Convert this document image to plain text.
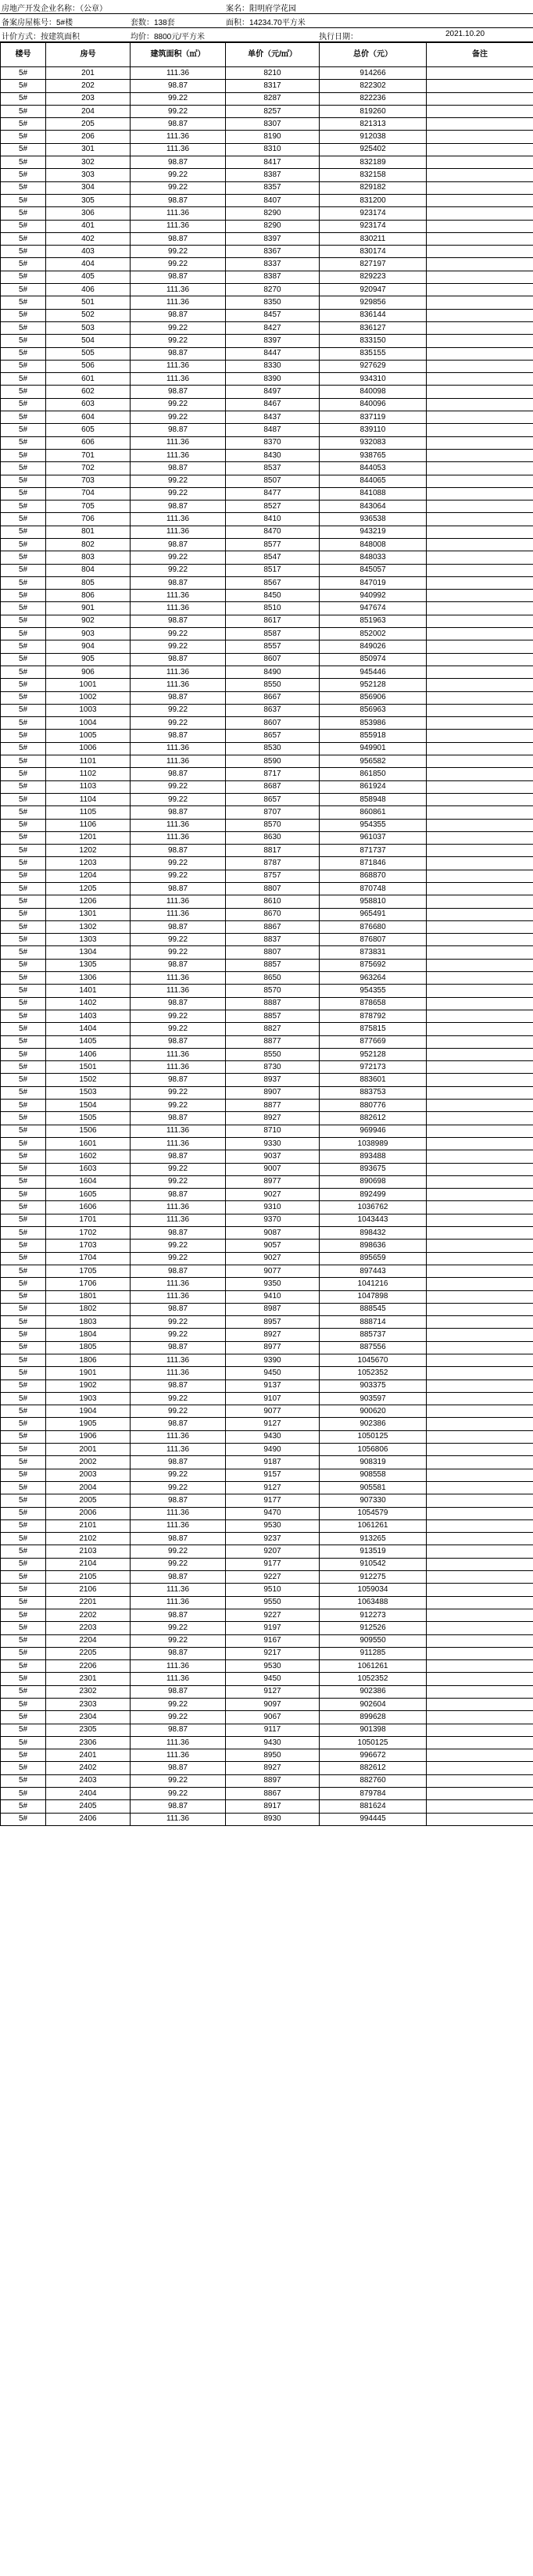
房地产开发企业名称：（公章）	案名：阳明府学花园
备案房屋栋号：5#楼	套数：138套	面积：14234.70平方米
计价方式：按建筑面积	均价：8800元/平方米	执行日期：	2021.10.20
楼号	房号	建筑面积（㎡）	单价（元/㎡）	总价（元）	备注
5#	201	111.36	8210	914266	
5#	202	98.87	8317	822302	
5#	203	99.22	8287	822236	
5#	204	99.22	8257	819260	
5#	205	98.87	8307	821313	
5#	206	111.36	8190	912038	
5#	301	111.36	8310	925402	
5#	302	98.87	8417	832189	
5#	303	99.22	8387	832158	
5#	304	99.22	8357	829182	
5#	305	98.87	8407	831200	
5#	306	111.36	8290	923174	
5#	401	111.36	8290	923174	
5#	402	98.87	8397	830211	
5#	403	99.22	8367	830174	
5#	404	99.22	8337	827197	
5#	405	98.87	8387	829223	
5#	406	111.36	8270	920947	
5#	501	111.36	8350	929856	
5#	502	98.87	8457	836144	
5#	503	99.22	8427	836127	
5#	504	99.22	8397	833150	
5#	505	98.87	8447	835155	
5#	506	111.36	8330	927629	
5#	601	111.36	8390	934310	
5#	602	98.87	8497	840098	
5#	603	99.22	8467	840096	
5#	604	99.22	8437	837119	
5#	605	98.87	8487	839110	
5#	606	111.36	8370	932083	
5#	701	111.36	8430	938765	
5#	702	98.87	8537	844053	
5#	703	99.22	8507	844065	
5#	704	99.22	8477	841088	
5#	705	98.87	8527	843064	
5#	706	111.36	8410	936538	
5#	801	111.36	8470	943219	
5#	802	98.87	8577	848008	
5#	803	99.22	8547	848033	
5#	804	99.22	8517	845057	
5#	805	98.87	8567	847019	
5#	806	111.36	8450	940992	
5#	901	111.36	8510	947674	
5#	902	98.87	8617	851963	
5#	903	99.22	8587	852002	
5#	904	99.22	8557	849026	
5#	905	98.87	8607	850974	
5#	906	111.36	8490	945446	
5#	1001	111.36	8550	952128	
5#	1002	98.87	8667	856906	
5#	1003	99.22	8637	856963	
5#	1004	99.22	8607	853986	
5#	1005	98.87	8657	855918	
5#	1006	111.36	8530	949901	
5#	1101	111.36	8590	956582	
5#	1102	98.87	8717	861850	
5#	1103	99.22	8687	861924	
5#	1104	99.22	8657	858948	
5#	1105	98.87	8707	860861	
5#	1106	111.36	8570	954355	
5#	1201	111.36	8630	961037	
5#	1202	98.87	8817	871737	
5#	1203	99.22	8787	871846	
5#	1204	99.22	8757	868870	
5#	1205	98.87	8807	870748	
5#	1206	111.36	8610	958810	
5#	1301	111.36	8670	965491	
5#	1302	98.87	8867	876680	
5#	1303	99.22	8837	876807	
5#	1304	99.22	8807	873831	
5#	1305	98.87	8857	875692	
5#	1306	111.36	8650	963264	
5#	1401	111.36	8570	954355	
5#	1402	98.87	8887	878658	
5#	1403	99.22	8857	878792	
5#	1404	99.22	8827	875815	
5#	1405	98.87	8877	877669	
5#	1406	111.36	8550	952128	
5#	1501	111.36	8730	972173	
5#	1502	98.87	8937	883601	
5#	1503	99.22	8907	883753	
5#	1504	99.22	8877	880776	
5#	1505	98.87	8927	882612	
5#	1506	111.36	8710	969946	
5#	1601	111.36	9330	1038989	
5#	1602	98.87	9037	893488	
5#	1603	99.22	9007	893675	
5#	1604	99.22	8977	890698	
5#	1605	98.87	9027	892499	
5#	1606	111.36	9310	1036762	
5#	1701	111.36	9370	1043443	
5#	1702	98.87	9087	898432	
5#	1703	99.22	9057	898636	
5#	1704	99.22	9027	895659	
5#	1705	98.87	9077	897443	
5#	1706	111.36	9350	1041216	
5#	1801	111.36	9410	1047898	
5#	1802	98.87	8987	888545	
5#	1803	99.22	8957	888714	
5#	1804	99.22	8927	885737	
5#	1805	98.87	8977	887556	
5#	1806	111.36	9390	1045670	
5#	1901	111.36	9450	1052352	
5#	1902	98.87	9137	903375	
5#	1903	99.22	9107	903597	
5#	1904	99.22	9077	900620	
5#	1905	98.87	9127	902386	
5#	1906	111.36	9430	1050125	
5#	2001	111.36	9490	1056806	
5#	2002	98.87	9187	908319	
5#	2003	99.22	9157	908558	
5#	2004	99.22	9127	905581	
5#	2005	98.87	9177	907330	
5#	2006	111.36	9470	1054579	
5#	2101	111.36	9530	1061261	
5#	2102	98.87	9237	913265	
5#	2103	99.22	9207	913519	
5#	2104	99.22	9177	910542	
5#	2105	98.87	9227	912275	
5#	2106	111.36	9510	1059034	
5#	2201	111.36	9550	1063488	
5#	2202	98.87	9227	912273	
5#	2203	99.22	9197	912526	
5#	2204	99.22	9167	909550	
5#	2205	98.87	9217	911285	
5#	2206	111.36	9530	1061261	
5#	2301	111.36	9450	1052352	
5#	2302	98.87	9127	902386	
5#	2303	99.22	9097	902604	
5#	2304	99.22	9067	899628	
5#	2305	98.87	9117	901398	
5#	2306	111.36	9430	1050125	
5#	2401	111.36	8950	996672	
5#	2402	98.87	8927	882612	
5#	2403	99.22	8897	882760	
5#	2404	99.22	8867	879784	
5#	2405	98.87	8917	881624	
5#	2406	111.36	8930	994445	
